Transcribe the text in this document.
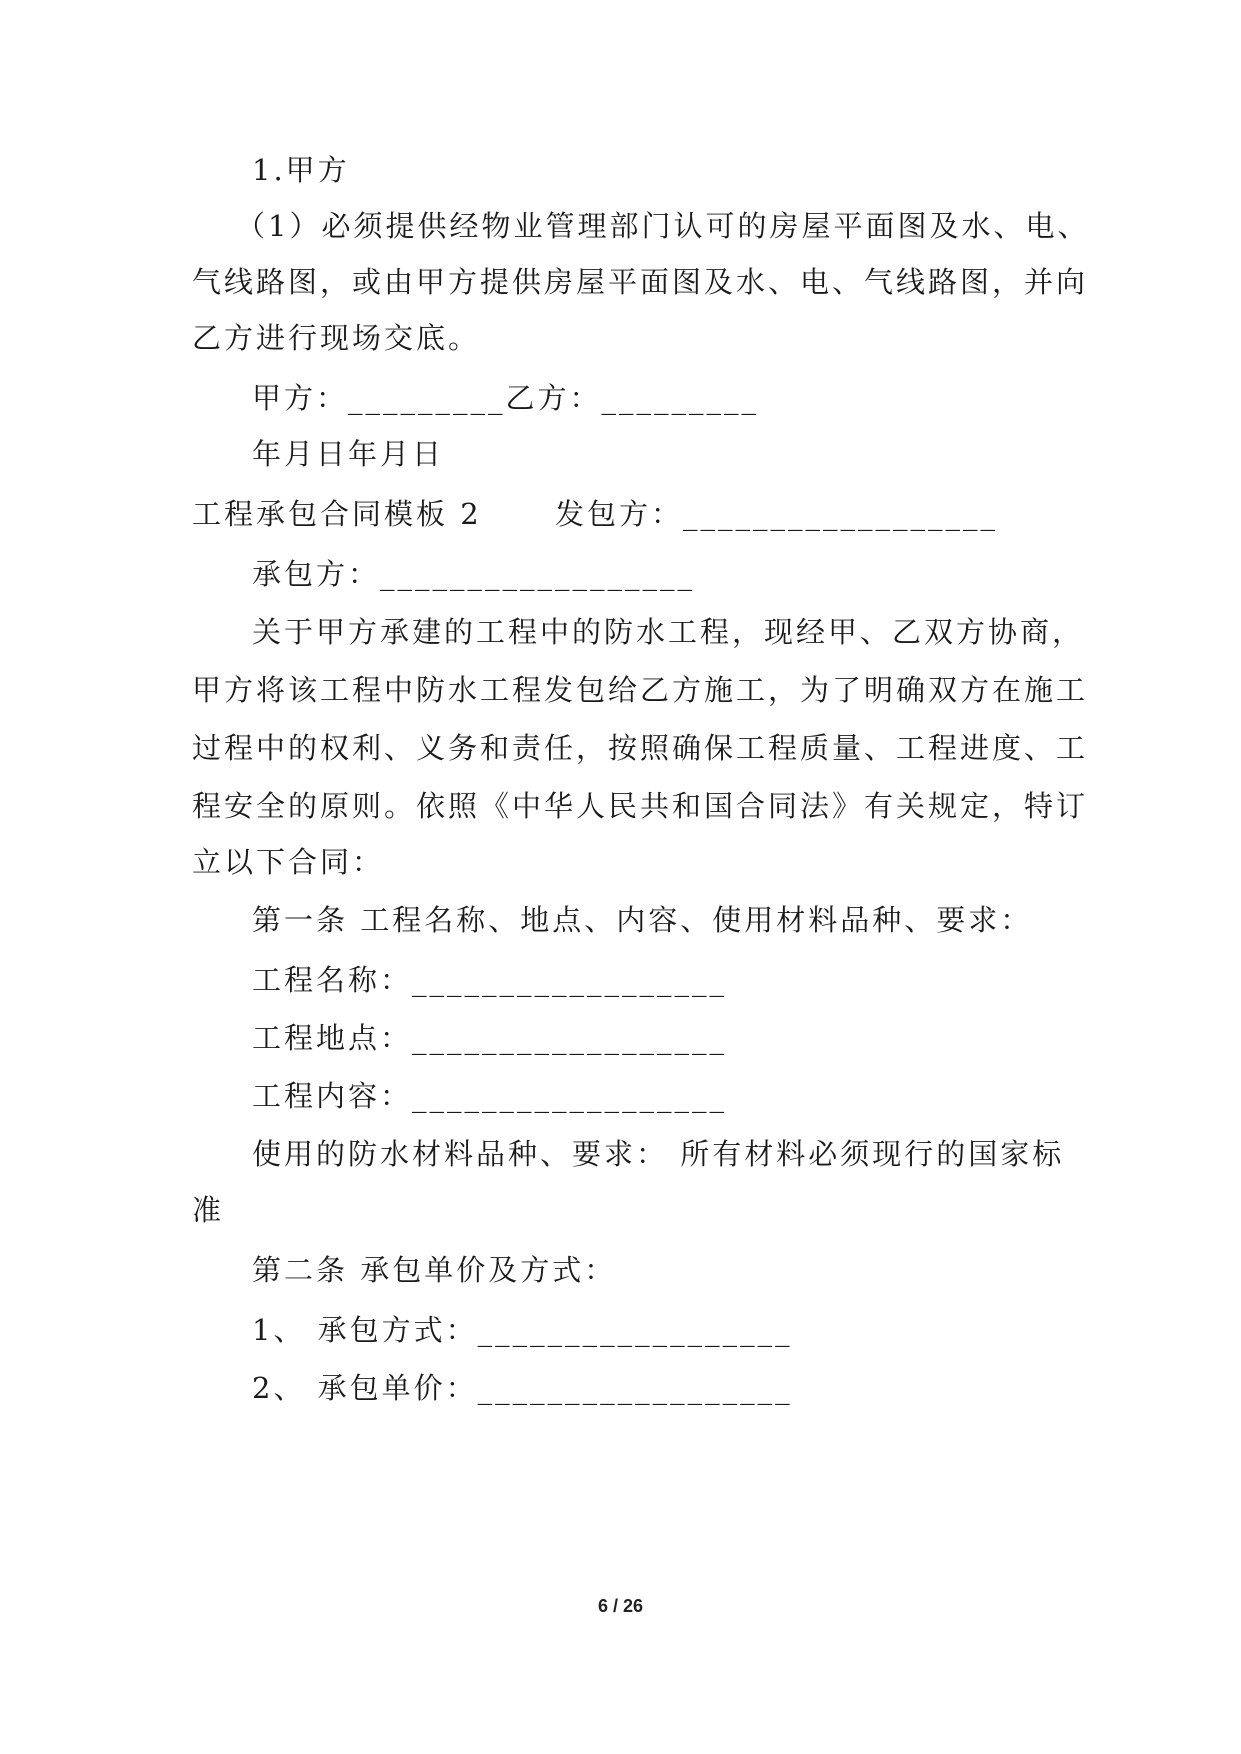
1.甲方
（1）必须提供经物业管理部门认可的房屋平面图及水、电、
气线路图，或由甲方提供房屋平面图及水、电、气线路图，并向
乙方进行现场交底。
甲方：_________乙方：_________
年月日年月日
工程承包合同模板 2      发包方：__________________
承包方：__________________
关于甲方承建的工程中的防水工程，现经甲、乙双方协商，
甲方将该工程中防水工程发包给乙方施工，为了明确双方在施工
过程中的权利、义务和责任，按照确保工程质量、工程进度、工
程安全的原则。依照《中华人民共和国合同法》有关规定，特订
立以下合同：
第一条 工程名称、地点、内容、使用材料品种、要求：
工程名称：__________________
工程地点：__________________
工程内容：__________________
使用的防水材料品种、要求： 所有材料必须现行的国家标
准
第二条 承包单价及方式：
1、 承包方式：__________________
2、 承包单价：__________________
6 / 26
